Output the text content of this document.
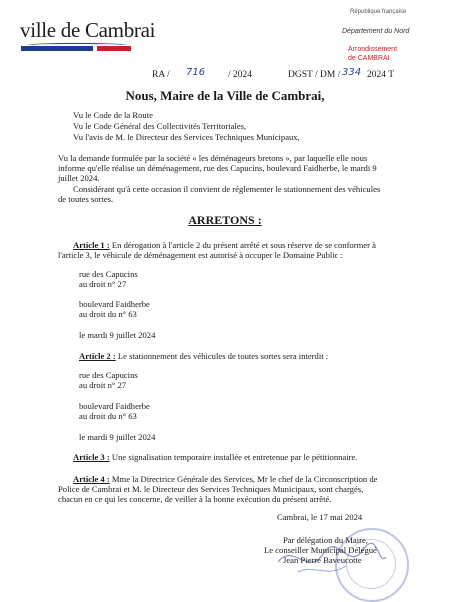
ville de Cambrai
République française
Département du Nord
Arrondissement
de CAMBRAI
RA / 716 / 2024	DGST / DM / 334 2024 T
Nous, Maire de la Ville de Cambrai,
Vu le Code de la Route
Vu le Code Général des Collectivités Territoriales,
Vu l'avis de M. le Directeur des Services Techniques Municipaux,
Vu la demande formulée par la société « les déménageurs bretons », par laquelle elle nous
informe qu'elle réalise un déménagement, rue des Capucins, boulevard Faidherbe, le mardi 9
juillet 2024.
Considérant qu'à cette occasion il convient de réglementer le stationnement des véhicules
de toutes sortes.
ARRETONS :
Article 1 : En dérogation à l'article 2 du présent arrêté et sous réserve de se conformer à
l'article 3, le véhicule de déménagement est autorisé à occuper le Domaine Public :
rue des Capucins
au droit n° 27
boulevard Faidherbe
au droit du n° 63
le mardi 9 juillet 2024
Article 2 : Le stationnement des véhicules de toutes sortes sera interdit :
rue des Capucins
au droit n° 27
boulevard Faidherbe
au droit du n° 63
le mardi 9 juillet 2024
Article 3 : Une signalisation temporaire installée et entretenue par le pétitionnaire.
Article 4 : Mme la Directrice Générale des Services, Mr le chef de la Circonscription de
Police de Cambrai et M. le Directeur des Services Techniques Municipaux, sont chargés,
chacun en ce qui les concerne, de veiller à la bonne exécution du présent arrêté.
Cambrai, le 17 mai 2024
Par délégation du Maire,
Le conseiller Municipal Délégué
Jean Pierre Baveucotte
